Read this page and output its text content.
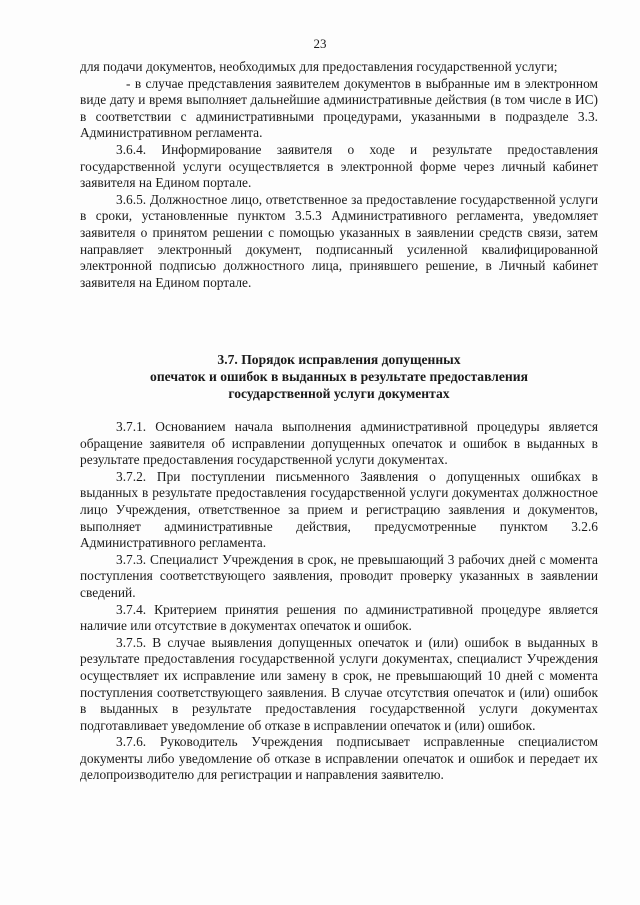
23

для подачи документов, необходимых для предоставления государственной услуги;

- в случае представления заявителем документов в выбранные им в электронном виде дату и время выполняет дальнейшие административные действия (в том числе в ИС) в соответствии с административными процедурами, указанными в подразделе 3.3. Административном регламента.

3.6.4. Информирование заявителя о ходе и результате предоставления государственной услуги осуществляется в электронной форме через личный кабинет заявителя на Едином портале.

3.6.5. Должностное лицо, ответственное за предоставление государственной услуги в сроки, установленные пунктом 3.5.3 Административного регламента, уведомляет заявителя о принятом решении с помощью указанных в заявлении средств связи, затем направляет электронный документ, подписанный усиленной квалифицированной электронной подписью должностного лица, принявшего решение, в Личный кабинет заявителя на Едином портале.

3.7. Порядок исправления допущенных
опечаток и ошибок в выданных в результате предоставления
государственной услуги документах

3.7.1. Основанием начала выполнения административной процедуры является обращение заявителя об исправлении допущенных опечаток и ошибок в выданных в результате предоставления государственной услуги документах.

3.7.2. При поступлении письменного Заявления о допущенных ошибках в выданных в результате предоставления государственной услуги документах должностное лицо Учреждения, ответственное за прием и регистрацию заявления и документов, выполняет административные действия, предусмотренные пунктом 3.2.6 Административного регламента.

3.7.3. Специалист Учреждения в срок, не превышающий 3 рабочих дней с момента поступления соответствующего заявления, проводит проверку указанных в заявлении сведений.

3.7.4. Критерием принятия решения по административной процедуре является наличие или отсутствие в документах опечаток и ошибок.

3.7.5. В случае выявления допущенных опечаток и (или) ошибок в выданных в результате предоставления государственной услуги документах, специалист Учреждения осуществляет их исправление или замену в срок, не превышающий 10 дней с момента поступления соответствующего заявления. В случае отсутствия опечаток и (или) ошибок в выданных в результате предоставления государственной услуги документах подготавливает уведомление об отказе в исправлении опечаток и (или) ошибок.

3.7.6. Руководитель Учреждения подписывает исправленные специалистом документы либо уведомление об отказе в исправлении опечаток и ошибок и передает их делопроизводителю для регистрации и направления заявителю.
